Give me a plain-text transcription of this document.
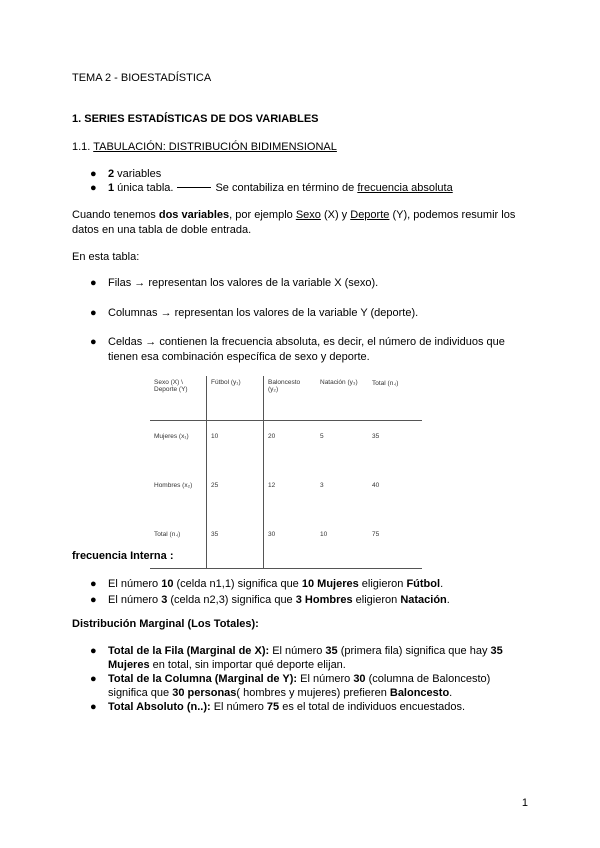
TEMA 2 - BIOESTADÍSTICA
1. SERIES ESTADÍSTICAS DE DOS VARIABLES
1.1. TABULACIÓN: DISTRIBUCIÓN BIDIMENSIONAL
● 2 variables
● 1 única tabla.	Se contabiliza en término de frecuencia absoluta
Cuando tenemos dos variables, por ejemplo Sexo (X) y Deporte (Y), podemos resumir los
datos en una tabla de doble entrada.
En esta tabla:
● Filas → representan los valores de la variable X (sexo).
● Columnas → representan los valores de la variable Y (deporte).
● Celdas → contienen la frecuencia absoluta, es decir, el número de individuos que
tienen esa combinación específica de sexo y deporte.
Sexo (X) \ Deporte (Y)	Fútbol (y₁)	Baloncesto (y₂)	Natación (y₃)	Total (n.ⱼ)
Mujeres (x₁)	10	20	5	35
Hombres (x₂)	25	12	3	40
Total (n.ᵢ)	35	30	10	75
frecuencia Interna :
● El número 10 (celda n1,1) significa que 10 Mujeres eligieron Fútbol.
● El número 3 (celda n2,3) significa que 3 Hombres eligieron Natación.
Distribución Marginal (Los Totales):
● Total de la Fila (Marginal de X): El número 35 (primera fila) significa que hay 35
Mujeres en total, sin importar qué deporte elijan.
● Total de la Columna (Marginal de Y): El número 30 (columna de Baloncesto)
significa que 30 personas( hombres y mujeres) prefieren Baloncesto.
● Total Absoluto (n..): El número 75 es el total de individuos encuestados.
1
